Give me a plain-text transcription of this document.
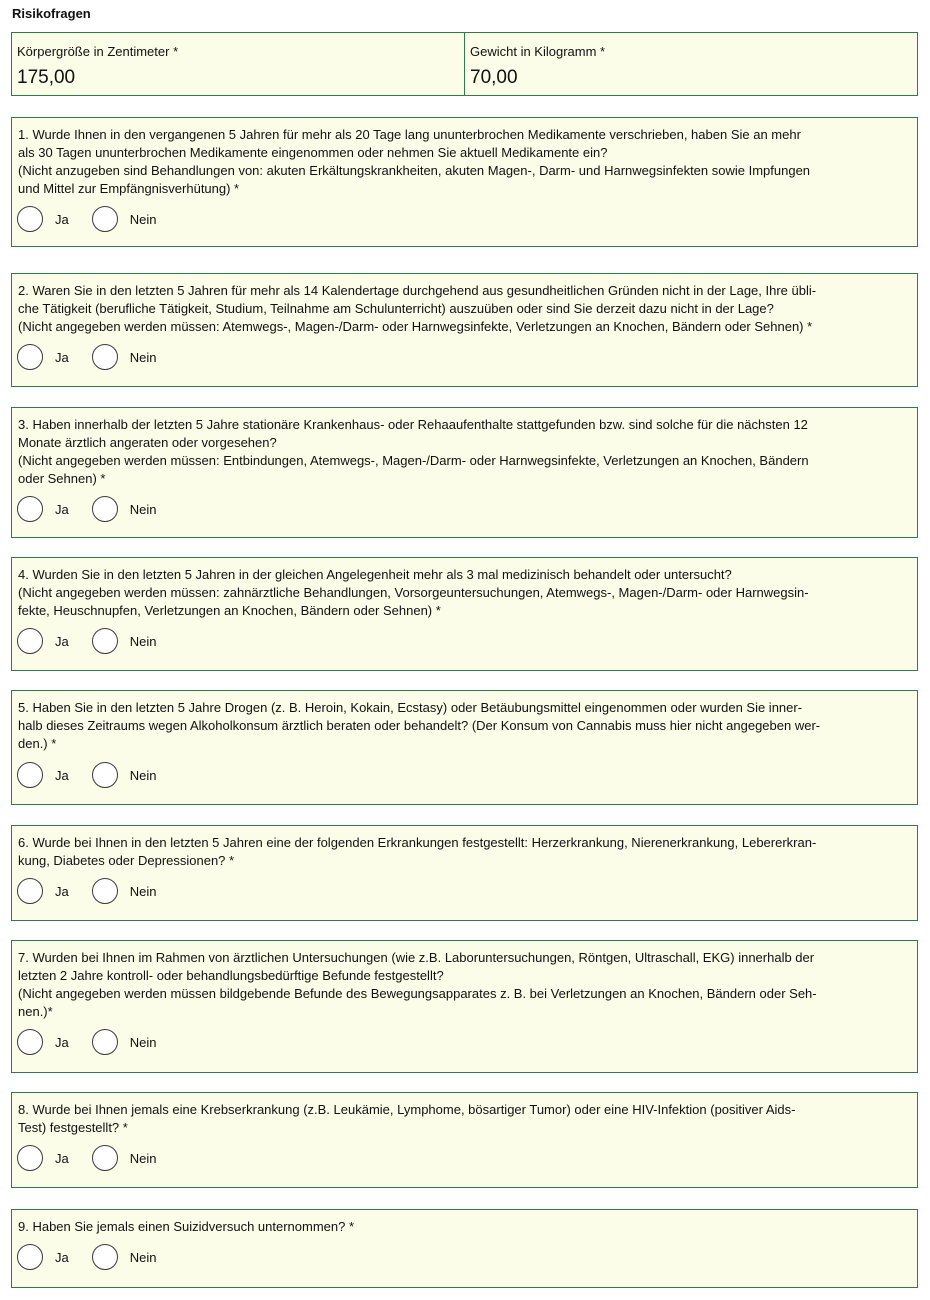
Risikofragen
Körpergröße in Zentimeter *
175,00
Gewicht in Kilogramm *
70,00
1. Wurde Ihnen in den vergangenen 5 Jahren für mehr als 20 Tage lang ununterbrochen Medikamente verschrieben, haben Sie an mehr
als 30 Tagen ununterbrochen Medikamente eingenommen oder nehmen Sie aktuell Medikamente ein?
(Nicht anzugeben sind Behandlungen von: akuten Erkältungskrankheiten, akuten Magen-, Darm- und Harnwegsinfekten sowie Impfungen
und Mittel zur Empfängnisverhütung) *
Ja	Nein
2. Waren Sie in den letzten 5 Jahren für mehr als 14 Kalendertage durchgehend aus gesundheitlichen Gründen nicht in der Lage, Ihre übli-
che Tätigkeit (berufliche Tätigkeit, Studium, Teilnahme am Schulunterricht) auszuüben oder sind Sie derzeit dazu nicht in der Lage?
(Nicht angegeben werden müssen: Atemwegs-, Magen-/Darm- oder Harnwegsinfekte, Verletzungen an Knochen, Bändern oder Sehnen) *
Ja	Nein
3. Haben innerhalb der letzten 5 Jahre stationäre Krankenhaus- oder Rehaaufenthalte stattgefunden bzw. sind solche für die nächsten 12
Monate ärztlich angeraten oder vorgesehen?
(Nicht angegeben werden müssen: Entbindungen, Atemwegs-, Magen-/Darm- oder Harnwegsinfekte, Verletzungen an Knochen, Bändern
oder Sehnen) *
Ja	Nein
4. Wurden Sie in den letzten 5 Jahren in der gleichen Angelegenheit mehr als 3 mal medizinisch behandelt oder untersucht?
(Nicht angegeben werden müssen: zahnärztliche Behandlungen, Vorsorgeuntersuchungen, Atemwegs-, Magen-/Darm- oder Harnwegsin-
fekte, Heuschnupfen, Verletzungen an Knochen, Bändern oder Sehnen) *
Ja	Nein
5. Haben Sie in den letzten 5 Jahre Drogen (z. B. Heroin, Kokain, Ecstasy) oder Betäubungsmittel eingenommen oder wurden Sie inner-
halb dieses Zeitraums wegen Alkoholkonsum ärztlich beraten oder behandelt? (Der Konsum von Cannabis muss hier nicht angegeben wer-
den.) *
Ja	Nein
6. Wurde bei Ihnen in den letzten 5 Jahren eine der folgenden Erkrankungen festgestellt: Herzerkrankung, Nierenerkrankung, Lebererkran-
kung, Diabetes oder Depressionen? *
Ja	Nein
7. Wurden bei Ihnen im Rahmen von ärztlichen Untersuchungen (wie z.B. Laboruntersuchungen, Röntgen, Ultraschall, EKG) innerhalb der
letzten 2 Jahre kontroll- oder behandlungsbedürftige Befunde festgestellt?
(Nicht angegeben werden müssen bildgebende Befunde des Bewegungsapparates z. B. bei Verletzungen an Knochen, Bändern oder Seh-
nen.)*
Ja	Nein
8. Wurde bei Ihnen jemals eine Krebserkrankung (z.B. Leukämie, Lymphome, bösartiger Tumor) oder eine HIV-Infektion (positiver Aids-
Test) festgestellt? *
Ja	Nein
9. Haben Sie jemals einen Suizidversuch unternommen? *
Ja	Nein
